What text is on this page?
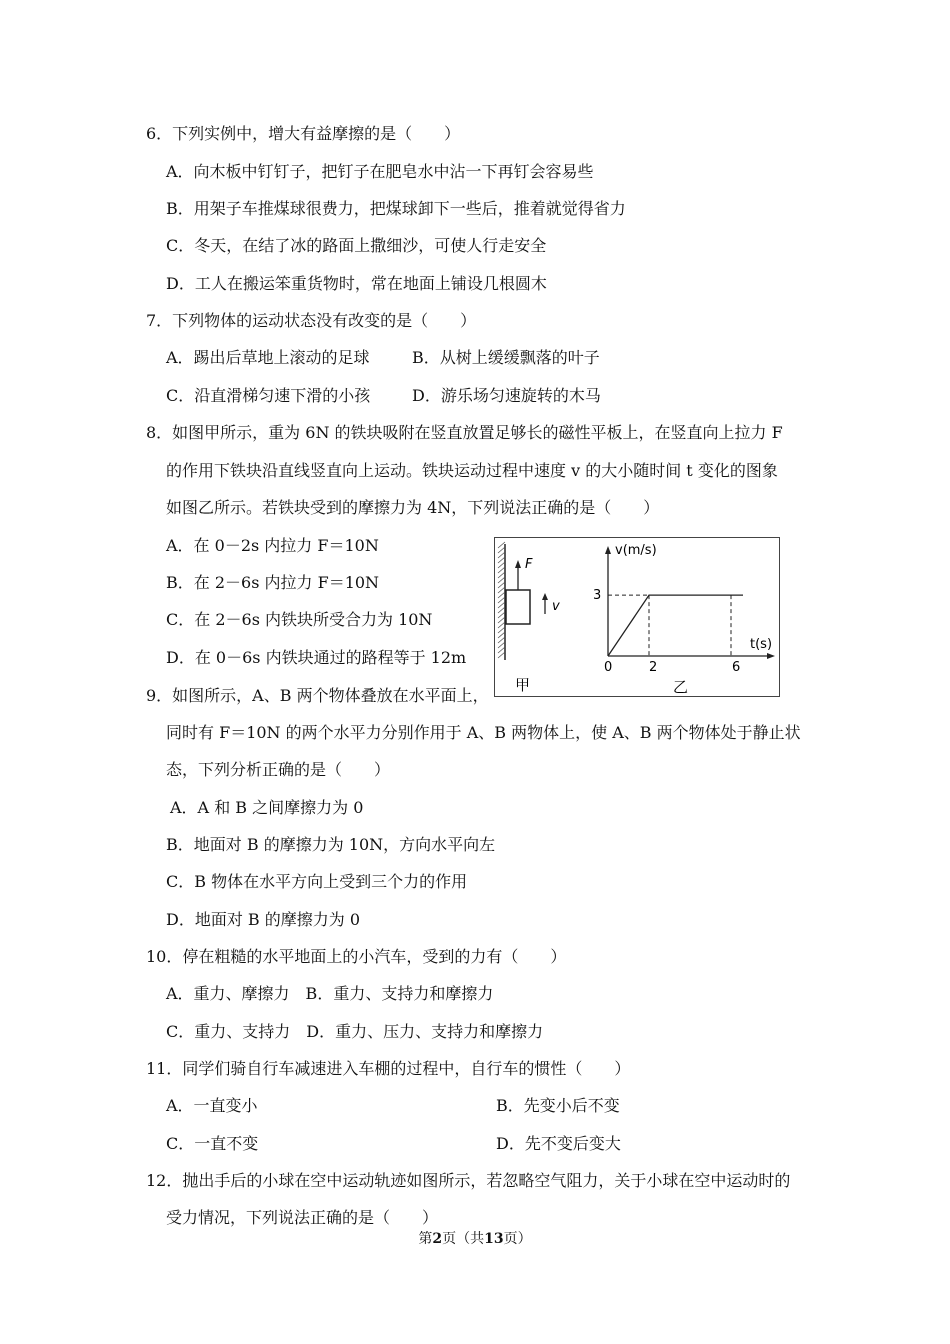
6．下列实例中，增大有益摩擦的是（　　）
A．向木板中钉钉子，把钉子在肥皂水中沾一下再钉会容易些
B．用架子车推煤球很费力，把煤球卸下一些后，推着就觉得省力
C．冬天，在结了冰的路面上撒细沙，可使人行走安全
D．工人在搬运笨重货物时，常在地面上铺设几根圆木
7．下列物体的运动状态没有改变的是（　　）
A．踢出后草地上滚动的足球	B．从树上缓缓飘落的叶子
C．沿直滑梯匀速下滑的小孩	D．游乐场匀速旋转的木马
8．如图甲所示，重为 6N 的铁块吸附在竖直放置足够长的磁性平板上，在竖直向上拉力 F
的作用下铁块沿直线竖直向上运动。铁块运动过程中速度 v 的大小随时间 t 变化的图象
如图乙所示。若铁块受到的摩擦力为 4N，下列说法正确的是（　　）
A．在 0－2s 内拉力 F＝10N
B．在 2－6s 内拉力 F＝10N
C．在 2－6s 内铁块所受合力为 10N
D．在 0－6s 内铁块通过的路程等于 12m
F
v
甲
v(m/s)
t(s)
3
0	2	6
乙
9．如图所示，A、B 两个物体叠放在水平面上，
同时有 F＝10N 的两个水平力分别作用于 A、B 两物体上，使 A、B 两个物体处于静止状
态，下列分析正确的是（　　）
A．A 和 B 之间摩擦力为 0
B．地面对 B 的摩擦力为 10N，方向水平向左
C．B 物体在水平方向上受到三个力的作用
D．地面对 B 的摩擦力为 0
10．停在粗糙的水平地面上的小汽车，受到的力有（　　）
A．重力、摩擦力　B．重力、支持力和摩擦力
C．重力、支持力　D．重力、压力、支持力和摩擦力
11．同学们骑自行车减速进入车棚的过程中，自行车的惯性（　　）
A．一直变小	B．先变小后不变
C．一直不变	D．先不变后变大
12．抛出手后的小球在空中运动轨迹如图所示，若忽略空气阻力，关于小球在空中运动时的
受力情况，下列说法正确的是（　　）
第2页（共13页）
